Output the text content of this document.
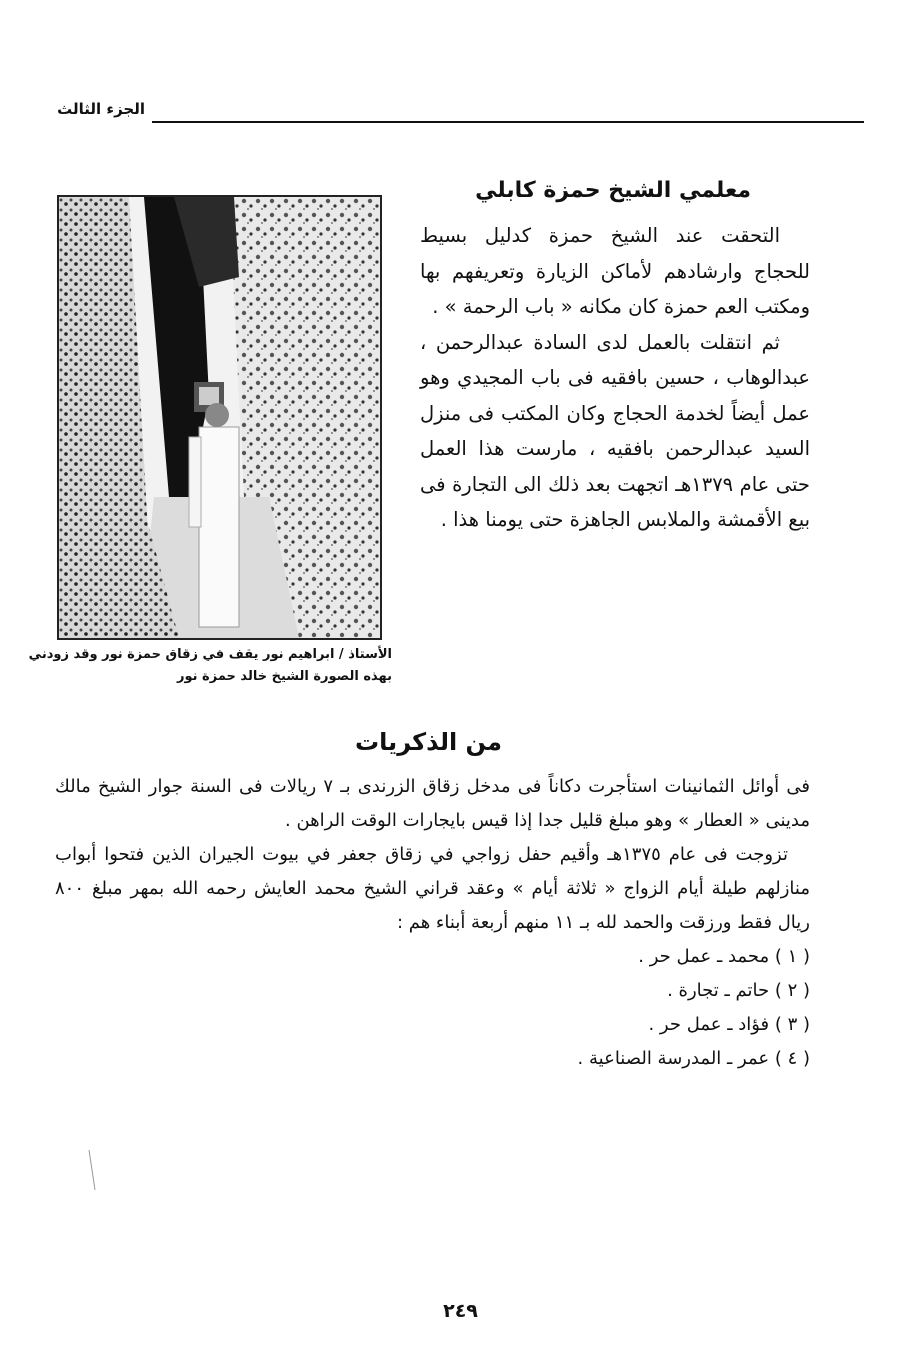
الجزء الثالث
معلمي الشيخ حمزة كابلي

التحقت عند الشيخ حمزة كدليل بسيط للحجاج وارشادهم لأماكن الزيارة وتعريفهم بها ومكتب العم حمزة كان مكانه « باب الرحمة » .

ثم انتقلت بالعمل لدى السادة عبدالرحمن ، عبدالوهاب ، حسين بافقيه فى باب المجيدي وهو عمل أيضاً لخدمة الحجاج وكان المكتب فى منزل السيد عبدالرحمن بافقيه ، مارست هذا العمل حتى عام ١٣٧٩هـ اتجهت بعد ذلك الى التجارة فى بيع الأقمشة والملابس الجاهزة حتى يومنا هذا .

الأستاذ / ابراهيم نور يقف في زقاق حمزة نور وقد زودني
بهذه الصورة الشيخ خالد حمزة نور
من الذكريات

فى أوائل الثمانينات استأجرت دكاناً فى مدخل زقاق الزرندى بـ ٧ ريالات فى السنة جوار الشيخ مالك مدينى « العطار » وهو مبلغ قليل جدا إذا قيس بايجارات الوقت الراهن .

تزوجت فى عام ١٣٧٥هـ وأقيم حفل زواجي في زقاق جعفر في بيوت الجيران الذين فتحوا أبواب منازلهم طيلة أيام الزواج « ثلاثة أيام » وعقد قراني الشيخ محمد العايش رحمه الله بمهر مبلغ ٨٠٠ ريال فقط ورزقت والحمد لله بـ ١١ منهم أربعة أبناء هم :

( ١ ) محمد ـ عمل حر .
( ٢ ) حاتم ـ تجارة .
( ٣ ) فؤاد ـ عمل حر .
( ٤ ) عمر ـ المدرسة الصناعية .
٢٤٩
